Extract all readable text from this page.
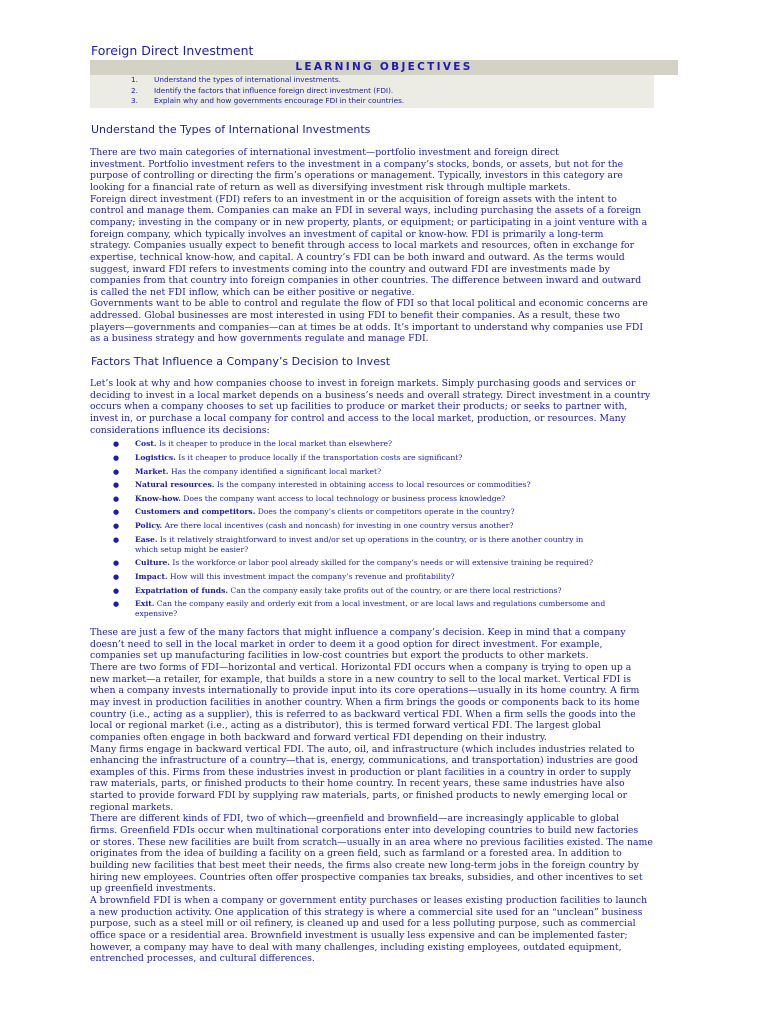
Foreign Direct Investment
LEARNING OBJECTIVES
1. Understand the types of international investments.
2. Identify the factors that influence foreign direct investment (FDI).
3. Explain why and how governments encourage FDI in their countries.
Understand the Types of International Investments
There are two main categories of international investment—portfolio investment and foreign direct
investment. Portfolio investment refers to the investment in a company’s stocks, bonds, or assets, but not for the
purpose of controlling or directing the firm’s operations or management. Typically, investors in this category are
looking for a financial rate of return as well as diversifying investment risk through multiple markets.
Foreign direct investment (FDI) refers to an investment in or the acquisition of foreign assets with the intent to
control and manage them. Companies can make an FDI in several ways, including purchasing the assets of a foreign
company; investing in the company or in new property, plants, or equipment; or participating in a joint venture with a
foreign company, which typically involves an investment of capital or know-how. FDI is primarily a long-term
strategy. Companies usually expect to benefit through access to local markets and resources, often in exchange for
expertise, technical know-how, and capital. A country’s FDI can be both inward and outward. As the terms would
suggest, inward FDI refers to investments coming into the country and outward FDI are investments made by
companies from that country into foreign companies in other countries. The difference between inward and outward
is called the net FDI inflow, which can be either positive or negative.
Governments want to be able to control and regulate the flow of FDI so that local political and economic concerns are
addressed. Global businesses are most interested in using FDI to benefit their companies. As a result, these two
players—governments and companies—can at times be at odds. It’s important to understand why companies use FDI
as a business strategy and how governments regulate and manage FDI.
Factors That Influence a Company’s Decision to Invest
Let’s look at why and how companies choose to invest in foreign markets. Simply purchasing goods and services or
deciding to invest in a local market depends on a business’s needs and overall strategy. Direct investment in a country
occurs when a company chooses to set up facilities to produce or market their products; or seeks to partner with,
invest in, or purchase a local company for control and access to the local market, production, or resources. Many
considerations influence its decisions:
● Cost. Is it cheaper to produce in the local market than elsewhere?
● Logistics. Is it cheaper to produce locally if the transportation costs are significant?
● Market. Has the company identified a significant local market?
● Natural resources. Is the company interested in obtaining access to local resources or commodities?
● Know-how. Does the company want access to local technology or business process knowledge?
● Customers and competitors. Does the company’s clients or competitors operate in the country?
● Policy. Are there local incentives (cash and noncash) for investing in one country versus another?
● Ease. Is it relatively straightforward to invest and/or set up operations in the country, or is there another country in
which setup might be easier?
● Culture. Is the workforce or labor pool already skilled for the company’s needs or will extensive training be required?
● Impact. How will this investment impact the company’s revenue and profitability?
● Expatriation of funds. Can the company easily take profits out of the country, or are there local restrictions?
● Exit. Can the company easily and orderly exit from a local investment, or are local laws and regulations cumbersome and
expensive?
These are just a few of the many factors that might influence a company’s decision. Keep in mind that a company
doesn’t need to sell in the local market in order to deem it a good option for direct investment. For example,
companies set up manufacturing facilities in low-cost countries but export the products to other markets.
There are two forms of FDI—horizontal and vertical. Horizontal FDI occurs when a company is trying to open up a
new market—a retailer, for example, that builds a store in a new country to sell to the local market. Vertical FDI is
when a company invests internationally to provide input into its core operations—usually in its home country. A firm
may invest in production facilities in another country. When a firm brings the goods or components back to its home
country (i.e., acting as a supplier), this is referred to as backward vertical FDI. When a firm sells the goods into the
local or regional market (i.e., acting as a distributor), this is termed forward vertical FDI. The largest global
companies often engage in both backward and forward vertical FDI depending on their industry.
Many firms engage in backward vertical FDI. The auto, oil, and infrastructure (which includes industries related to
enhancing the infrastructure of a country—that is, energy, communications, and transportation) industries are good
examples of this. Firms from these industries invest in production or plant facilities in a country in order to supply
raw materials, parts, or finished products to their home country. In recent years, these same industries have also
started to provide forward FDI by supplying raw materials, parts, or finished products to newly emerging local or
regional markets.
There are different kinds of FDI, two of which—greenfield and brownfield—are increasingly applicable to global
firms. Greenfield FDIs occur when multinational corporations enter into developing countries to build new factories
or stores. These new facilities are built from scratch—usually in an area where no previous facilities existed. The name
originates from the idea of building a facility on a green field, such as farmland or a forested area. In addition to
building new facilities that best meet their needs, the firms also create new long-term jobs in the foreign country by
hiring new employees. Countries often offer prospective companies tax breaks, subsidies, and other incentives to set
up greenfield investments.
A brownfield FDI is when a company or government entity purchases or leases existing production facilities to launch
a new production activity. One application of this strategy is where a commercial site used for an “unclean” business
purpose, such as a steel mill or oil refinery, is cleaned up and used for a less polluting purpose, such as commercial
office space or a residential area. Brownfield investment is usually less expensive and can be implemented faster;
however, a company may have to deal with many challenges, including existing employees, outdated equipment,
entrenched processes, and cultural differences.
